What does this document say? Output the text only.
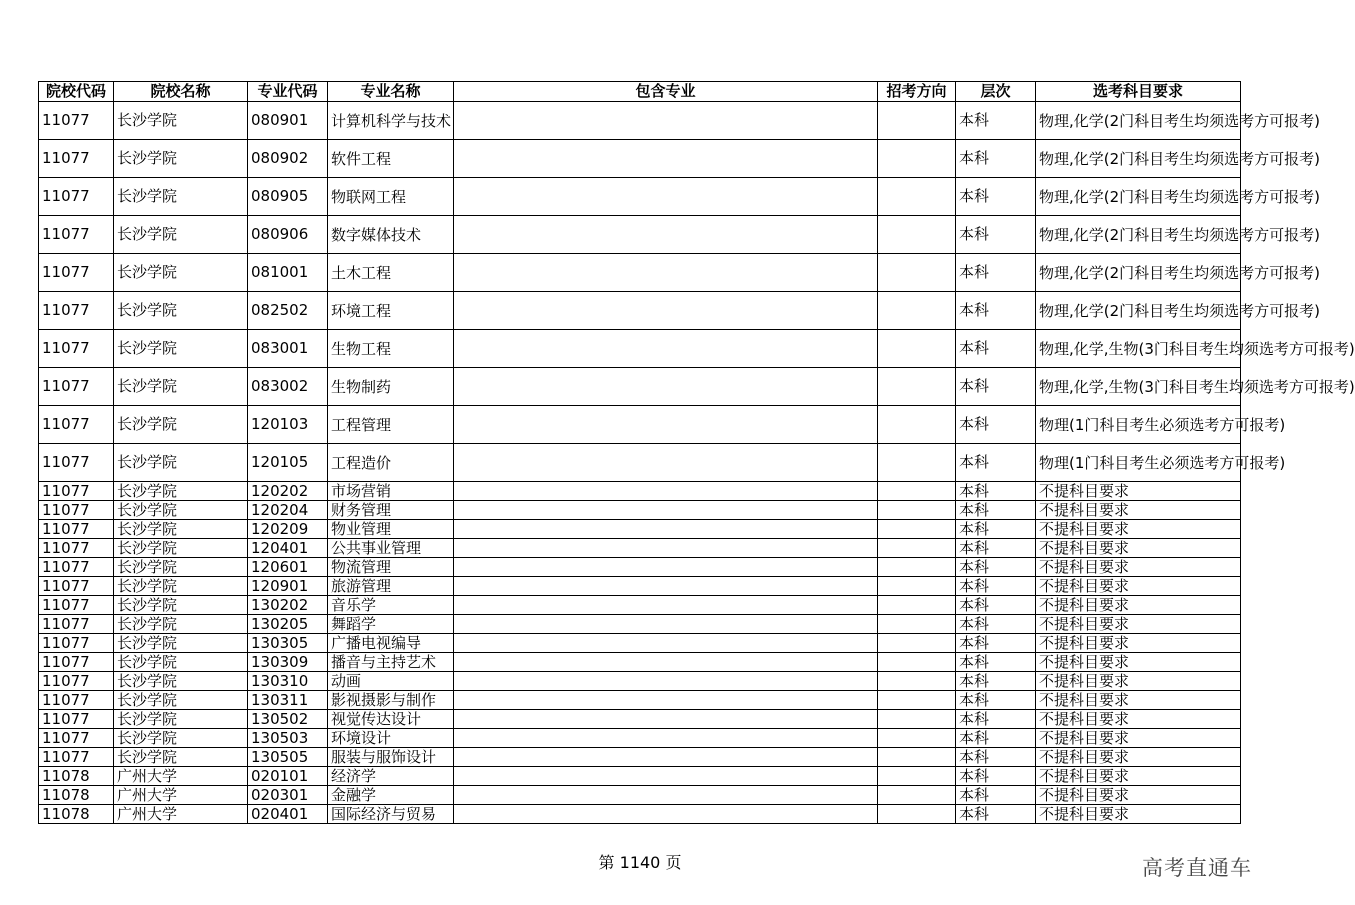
院校代码	院校名称	专业代码	专业名称	包含专业	招考方向	层次	选考科目要求
11077	长沙学院	080901	计算机科学与技术			本科	物理,化学(2门科目考生均须选考方可报考)
11077	长沙学院	080902	软件工程			本科	物理,化学(2门科目考生均须选考方可报考)
11077	长沙学院	080905	物联网工程			本科	物理,化学(2门科目考生均须选考方可报考)
11077	长沙学院	080906	数字媒体技术			本科	物理,化学(2门科目考生均须选考方可报考)
11077	长沙学院	081001	土木工程			本科	物理,化学(2门科目考生均须选考方可报考)
11077	长沙学院	082502	环境工程			本科	物理,化学(2门科目考生均须选考方可报考)
11077	长沙学院	083001	生物工程			本科	物理,化学,生物(3门科目考生均须选考方可报考)
11077	长沙学院	083002	生物制药			本科	物理,化学,生物(3门科目考生均须选考方可报考)
11077	长沙学院	120103	工程管理			本科	物理(1门科目考生必须选考方可报考)
11077	长沙学院	120105	工程造价			本科	物理(1门科目考生必须选考方可报考)
11077	长沙学院	120202	市场营销			本科	不提科目要求
11077	长沙学院	120204	财务管理			本科	不提科目要求
11077	长沙学院	120209	物业管理			本科	不提科目要求
11077	长沙学院	120401	公共事业管理			本科	不提科目要求
11077	长沙学院	120601	物流管理			本科	不提科目要求
11077	长沙学院	120901	旅游管理			本科	不提科目要求
11077	长沙学院	130202	音乐学			本科	不提科目要求
11077	长沙学院	130205	舞蹈学			本科	不提科目要求
11077	长沙学院	130305	广播电视编导			本科	不提科目要求
11077	长沙学院	130309	播音与主持艺术			本科	不提科目要求
11077	长沙学院	130310	动画			本科	不提科目要求
11077	长沙学院	130311	影视摄影与制作			本科	不提科目要求
11077	长沙学院	130502	视觉传达设计			本科	不提科目要求
11077	长沙学院	130503	环境设计			本科	不提科目要求
11077	长沙学院	130505	服装与服饰设计			本科	不提科目要求
11078	广州大学	020101	经济学			本科	不提科目要求
11078	广州大学	020301	金融学			本科	不提科目要求
11078	广州大学	020401	国际经济与贸易			本科	不提科目要求
第 1140 页	高考直通车
